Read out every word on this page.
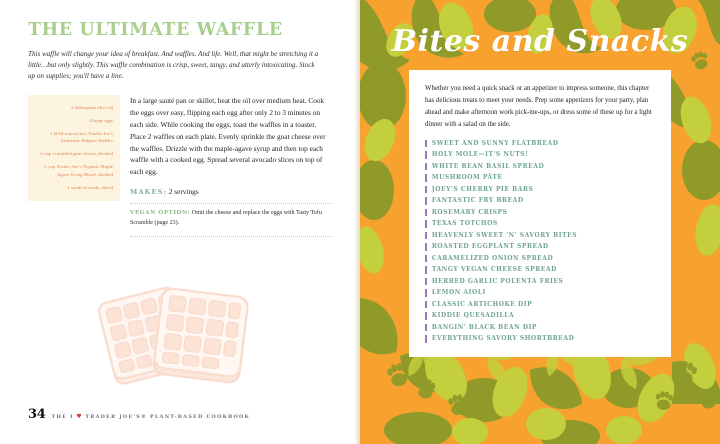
THE ULTIMATE WAFFLE

This waffle will change your idea of breakfast. And waffles. And life. Well, that might be stretching it a little…but only slightly. This waffle combination is crisp, sweet, tangy, and utterly intoxicating. Stock up on supplies; you'll have a line.

1 tablespoon olive oil
4 large eggs
1 (8.64-ounce) box Trader Joe's Authentic Belgian Waffles
¾ cup crumbled goat cheese, divided
¼ cup Trader Joe's Organic Maple Agave Syrup Blend, divided
1 small avocado, sliced

In a large sauté pan or skillet, heat the oil over medium heat. Cook the eggs over easy, flipping each egg after only 2 to 3 minutes on each side. While cooking the eggs, toast the waffles in a toaster. Place 2 waffles on each plate. Evenly sprinkle the goat cheese over the waffles. Drizzle with the maple-agave syrup and then top each waffle with a cooked egg. Spread several avocado slices on top of each egg.

MAKES: 2 servings
VEGAN OPTION: Omit the cheese and replace the eggs with Tasty Tofu Scramble (page 23).
34 THE I ♥ TRADER JOE'S® PLANT-BASED COOKBOOK
Bites and Snacks

Whether you need a quick snack or an appetizer to impress someone, this chapter has delicious treats to meet your needs. Prep some appetizers for your party, plan ahead and make afternoon work pick-me-ups, or dress some of these up for a light dinner with a salad on the side.

SWEET AND SUNNY FLATBREAD
HOLY MOLE—IT'S NUTS!
WHITE BEAN BASIL SPREAD
MUSHROOM PÂTÉ
JOEY'S CHERRY PIE BARS
FANTASTIC FRY BREAD
ROSEMARY CRISPS
TEXAS TOTCHOS
HEAVENLY SWEET 'N' SAVORY BITES
ROASTED EGGPLANT SPREAD
CARAMELIZED ONION SPREAD
TANGY VEGAN CHEESE SPREAD
HERBED GARLIC POLENTA FRIES
LEMON AIOLI
CLASSIC ARTICHOKE DIP
KIDDIE QUESADILLA
BANGIN' BLACK BEAN DIP
EVERYTHING SAVORY SHORTBREAD
